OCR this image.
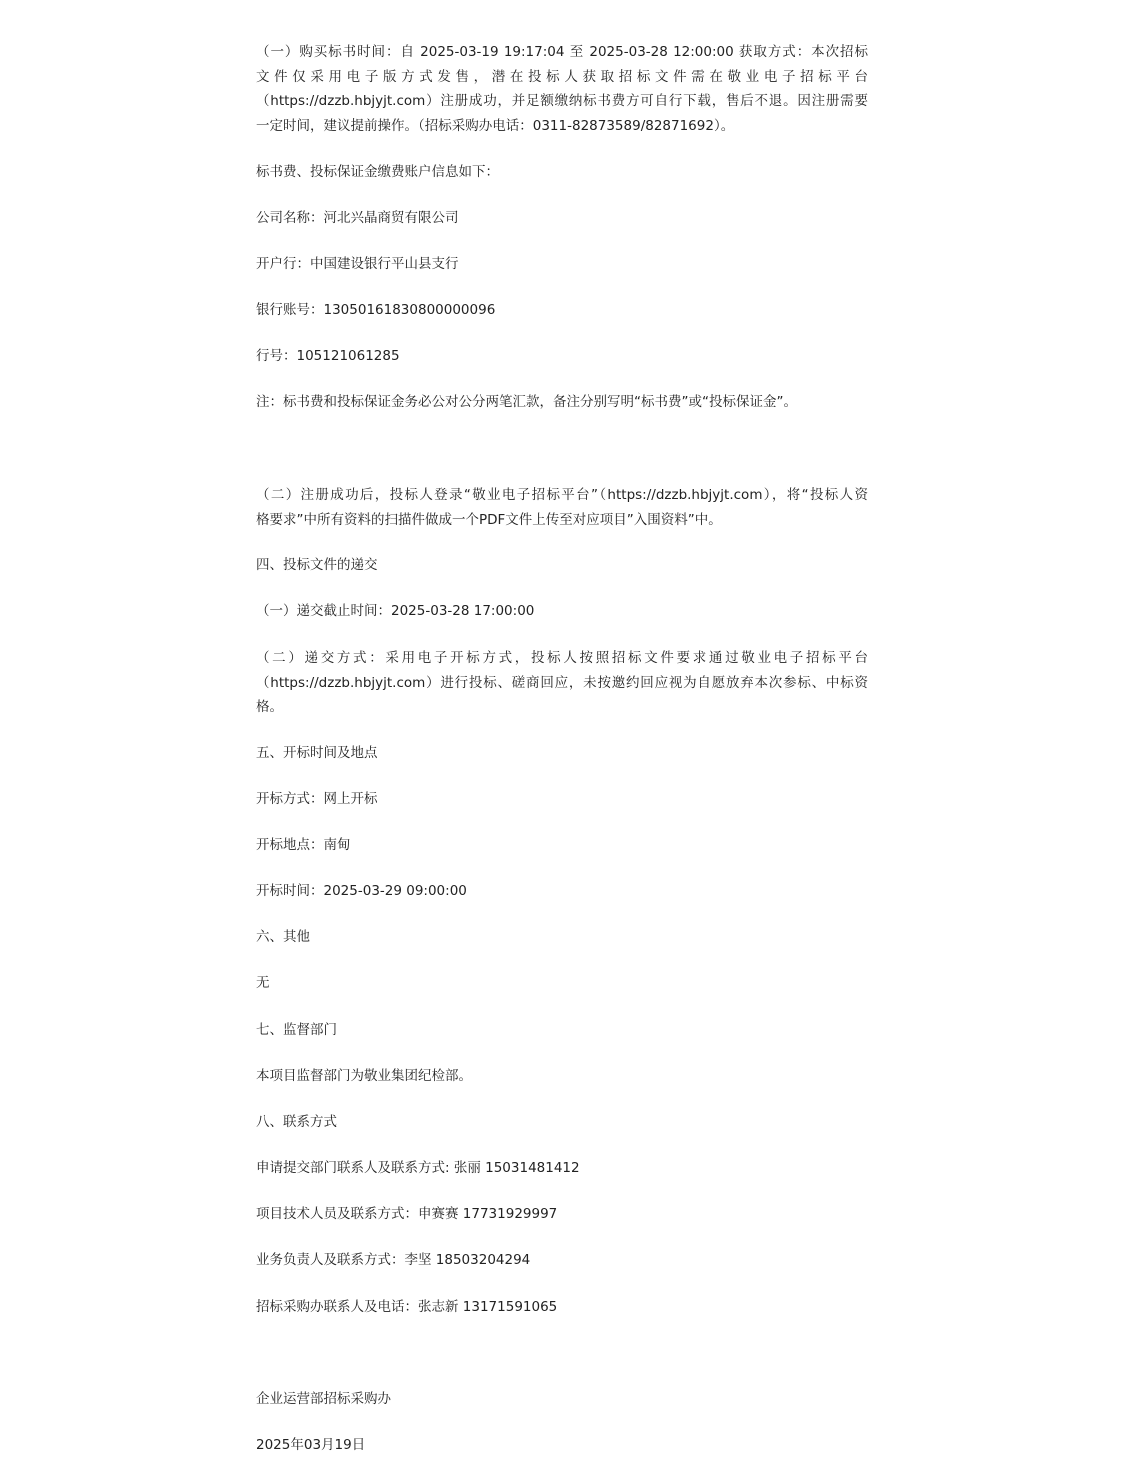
（一）购买标书时间：自 2025-03-19 19:17:04 至 2025-03-28 12:00:00 获取方式：本次招标
文件仅采用电子版方式发售，潜在投标人获取招标文件需在敬业电子招标平台
（https://dzzb.hbjyjt.com）注册成功，并足额缴纳标书费方可自行下载，售后不退。因注册需要
一定时间，建议提前操作。（招标采购办电话：0311-82873589/82871692）。

标书费、投标保证金缴费账户信息如下：

公司名称：河北兴晶商贸有限公司

开户行：中国建设银行平山县支行

银行账号：13050161830800000096

行号：105121061285

注：标书费和投标保证金务必公对公分两笔汇款，备注分别写明“标书费”或“投标保证金”。

（二）注册成功后，投标人登录“敬业电子招标平台”（https://dzzb.hbjyjt.com），将“投标人资
格要求”中所有资料的扫描件做成一个PDF文件上传至对应项目”入围资料”中。

四、投标文件的递交

（一）递交截止时间：2025-03-28 17:00:00

（二）递交方式：采用电子开标方式，投标人按照招标文件要求通过敬业电子招标平台
（https://dzzb.hbjyjt.com）进行投标、磋商回应，未按邀约回应视为自愿放弃本次参标、中标资
格。

五、开标时间及地点

开标方式：网上开标

开标地点：南甸

开标时间：2025-03-29 09:00:00

六、其他

无

七、监督部门

本项目监督部门为敬业集团纪检部。

八、联系方式

申请提交部门联系人及联系方式: 张丽 15031481412

项目技术人员及联系方式：申赛赛 17731929997

业务负责人及联系方式：李坚 18503204294

招标采购办联系人及电话：张志新 13171591065

企业运营部招标采购办

2025年03月19日
